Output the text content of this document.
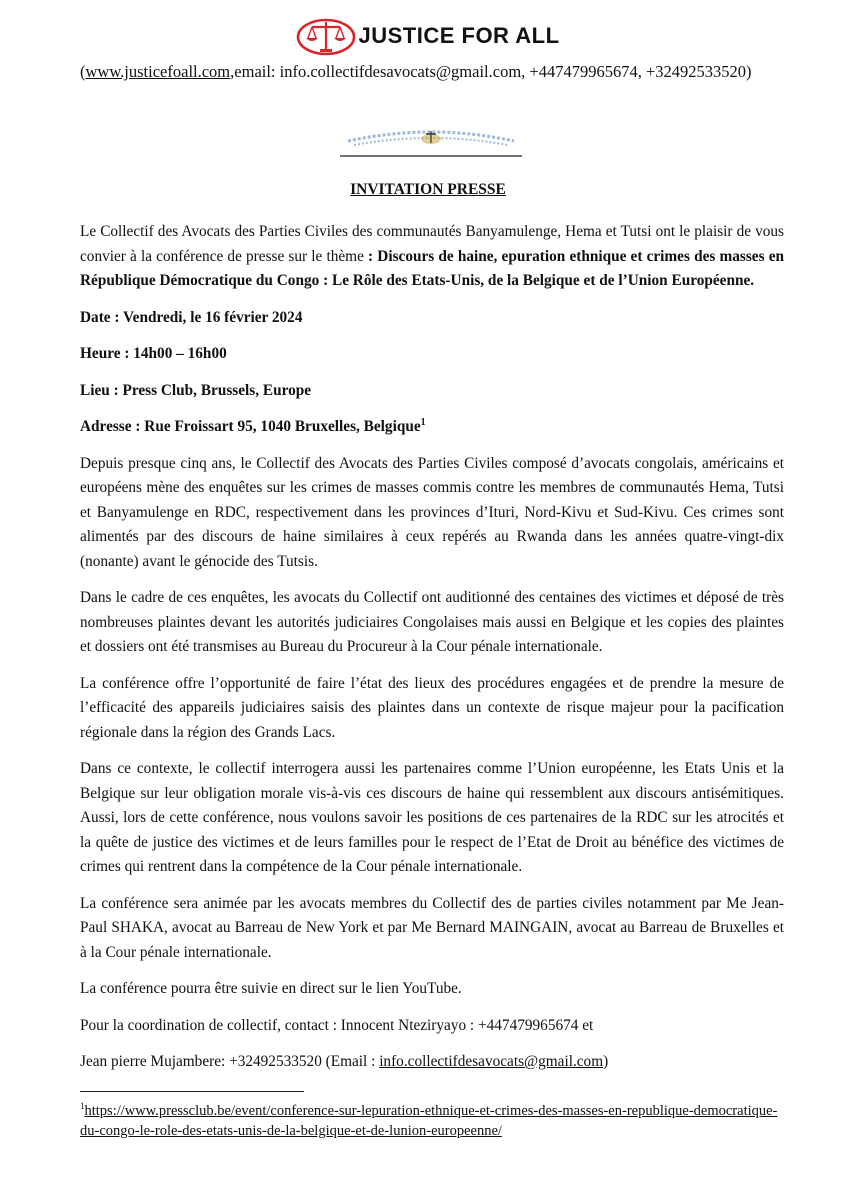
JUSTICE FOR ALL
(www.justicefoall.com,email: info.collectifdesavocats@gmail.com, +447479965674, +32492533520)
INVITATION PRESSE

Le Collectif des Avocats des Parties Civiles des communautés Banyamulenge, Hema et Tutsi ont le plaisir de vous convier à la conférence de presse sur le thème : Discours de haine, epuration ethnique et crimes des masses en République Démocratique du Congo : Le Rôle des Etats-Unis, de la Belgique et de l’Union Européenne.

Date : Vendredi, le 16 février 2024

Heure : 14h00 – 16h00

Lieu : Press Club, Brussels, Europe

Adresse : Rue Froissart 95, 1040 Bruxelles, Belgique$^1$

Depuis presque cinq ans, le Collectif des Avocats des Parties Civiles composé d’avocats congolais, américains et européens mène des enquêtes sur les crimes de masses commis contre les membres de communautés Hema, Tutsi et Banyamulenge en RDC, respectivement dans les provinces d’Ituri, Nord-Kivu et Sud-Kivu. Ces crimes sont alimentés par des discours de haine similaires à ceux repérés au Rwanda dans les années quatre-vingt-dix (nonante) avant le génocide des Tutsis.

Dans le cadre de ces enquêtes, les avocats du Collectif ont auditionné des centaines des victimes et déposé de très nombreuses plaintes devant les autorités judiciaires Congolaises mais aussi en Belgique et les copies des plaintes et dossiers ont été transmises au Bureau du Procureur à la Cour pénale internationale.

La conférence offre l’opportunité de faire l’état des lieux des procédures engagées et de prendre la mesure de l’efficacité des appareils judiciaires saisis des plaintes dans un contexte de risque majeur pour la pacification régionale dans la région des Grands Lacs.

Dans ce contexte, le collectif interrogera aussi les partenaires comme l’Union européenne, les Etats Unis et la Belgique sur leur obligation morale vis-à-vis ces discours de haine qui ressemblent aux discours antisémitiques. Aussi, lors de cette conférence, nous voulons savoir les positions de ces partenaires de la RDC sur les atrocités et la quête de justice des victimes et de leurs familles pour le respect de l’Etat de Droit au bénéfice des victimes de crimes qui rentrent dans la compétence de la Cour pénale internationale.

La conférence sera animée par les avocats membres du Collectif des de parties civiles notamment par Me Jean-Paul SHAKA, avocat au Barreau de New York et par Me Bernard MAINGAIN, avocat au Barreau de Bruxelles et à la Cour pénale internationale.

La conférence pourra être suivie en direct sur le lien YouTube.

Pour la coordination de collectif, contact : Innocent Nteziryayo : +447479965674 et

Jean pierre Mujambere: +32492533520 (Email : info.collectifdesavocats@gmail.com)

$^1$https://www.pressclub.be/event/conference-sur-lepuration-ethnique-et-crimes-des-masses-en-republique-democratique-du-congo-le-role-des-etats-unis-de-la-belgique-et-de-lunion-europeenne/
